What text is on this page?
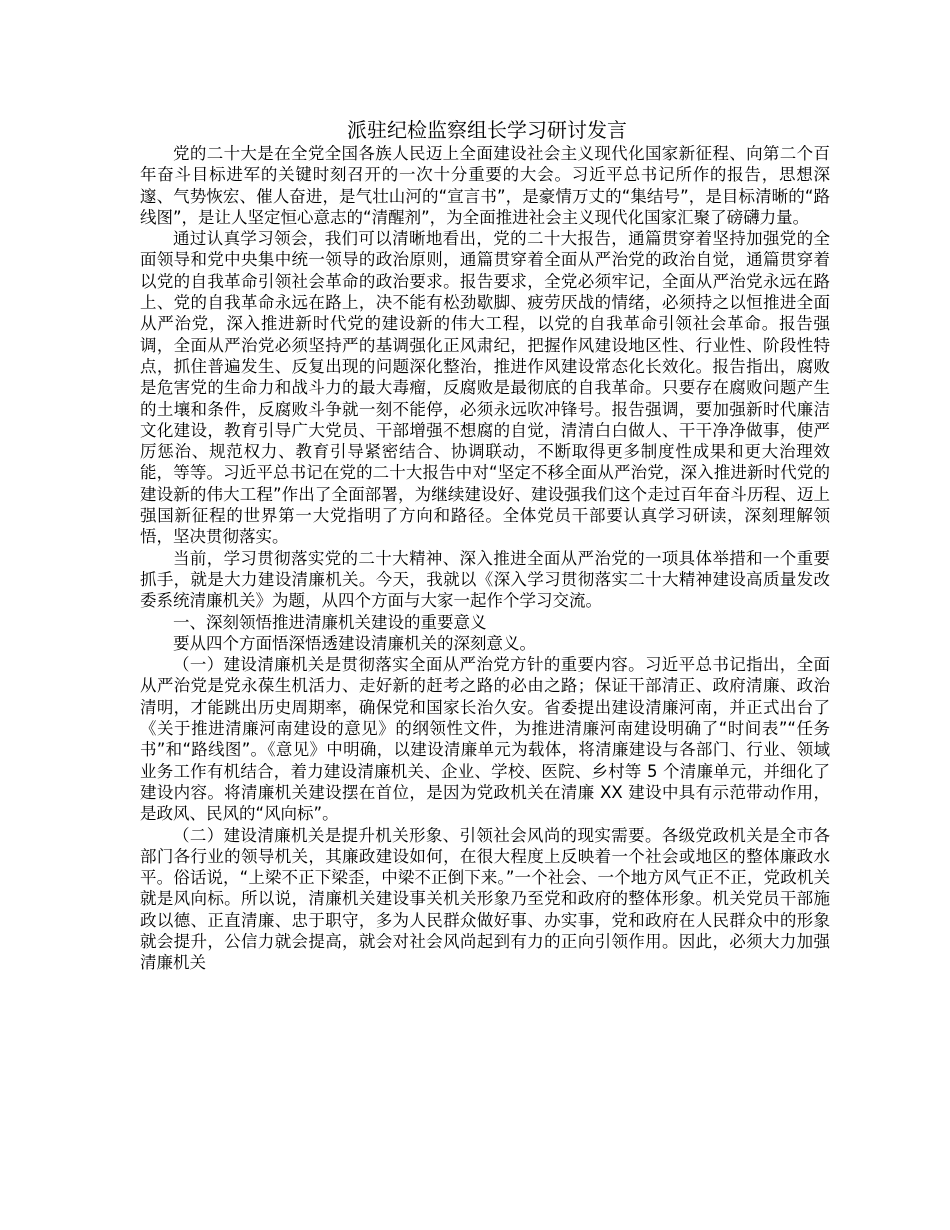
派驻纪检监察组长学习研讨发言

党的二十大是在全党全国各族人民迈上全面建设社会主义现代化国家新征程、向第二个百年奋斗目标进军的关键时刻召开的一次十分重要的大会。习近平总书记所作的报告，思想深邃、气势恢宏、催人奋进，是气壮山河的“宣言书”，是豪情万丈的“集结号”，是目标清晰的“路线图”，是让人坚定恒心意志的“清醒剂”，为全面推进社会主义现代化国家汇聚了磅礴力量。

通过认真学习领会，我们可以清晰地看出，党的二十大报告，通篇贯穿着坚持加强党的全面领导和党中央集中统一领导的政治原则，通篇贯穿着全面从严治党的政治自觉，通篇贯穿着以党的自我革命引领社会革命的政治要求。报告要求，全党必须牢记，全面从严治党永远在路上、党的自我革命永远在路上，决不能有松劲歇脚、疲劳厌战的情绪，必须持之以恒推进全面从严治党，深入推进新时代党的建设新的伟大工程，以党的自我革命引领社会革命。报告强调，全面从严治党必须坚持严的基调强化正风肃纪，把握作风建设地区性、行业性、阶段性特点，抓住普遍发生、反复出现的问题深化整治，推进作风建设常态化长效化。报告指出，腐败是危害党的生命力和战斗力的最大毒瘤，反腐败是最彻底的自我革命。只要存在腐败问题产生的土壤和条件，反腐败斗争就一刻不能停，必须永远吹冲锋号。报告强调，要加强新时代廉洁文化建设，教育引导广大党员、干部增强不想腐的自觉，清清白白做人、干干净净做事，使严厉惩治、规范权力、教育引导紧密结合、协调联动，不断取得更多制度性成果和更大治理效能，等等。习近平总书记在党的二十大报告中对“坚定不移全面从严治党，深入推进新时代党的建设新的伟大工程”作出了全面部署，为继续建设好、建设强我们这个走过百年奋斗历程、迈上强国新征程的世界第一大党指明了方向和路径。全体党员干部要认真学习研读，深刻理解领悟，坚决贯彻落实。

当前，学习贯彻落实党的二十大精神、深入推进全面从严治党的一项具体举措和一个重要抓手，就是大力建设清廉机关。今天，我就以《深入学习贯彻落实二十大精神建设高质量发改委系统清廉机关》为题，从四个方面与大家一起作个学习交流。

一、深刻领悟推进清廉机关建设的重要意义

要从四个方面悟深悟透建设清廉机关的深刻意义。

（一）建设清廉机关是贯彻落实全面从严治党方针的重要内容。习近平总书记指出，全面从严治党是党永葆生机活力、走好新的赶考之路的必由之路；保证干部清正、政府清廉、政治清明，才能跳出历史周期率，确保党和国家长治久安。省委提出建设清廉河南，并正式出台了《关于推进清廉河南建设的意见》的纲领性文件，为推进清廉河南建设明确了“时间表”“任务书”和“路线图”。《意见》中明确，以建设清廉单元为载体，将清廉建设与各部门、行业、领域业务工作有机结合，着力建设清廉机关、企业、学校、医院、乡村等 5 个清廉单元，并细化了建设内容。将清廉机关建设摆在首位，是因为党政机关在清廉 XX 建设中具有示范带动作用，是政风、民风的“风向标”。

（二）建设清廉机关是提升机关形象、引领社会风尚的现实需要。各级党政机关是全市各部门各行业的领导机关，其廉政建设如何，在很大程度上反映着一个社会或地区的整体廉政水平。俗话说，“上梁不正下梁歪，中梁不正倒下来。”一个社会、一个地方风气正不正，党政机关就是风向标。所以说，清廉机关建设事关机关形象乃至党和政府的整体形象。机关党员干部施政以德、正直清廉、忠于职守，多为人民群众做好事、办实事，党和政府在人民群众中的形象就会提升，公信力就会提高，就会对社会风尚起到有力的正向引领作用。因此，必须大力加强清廉机关
